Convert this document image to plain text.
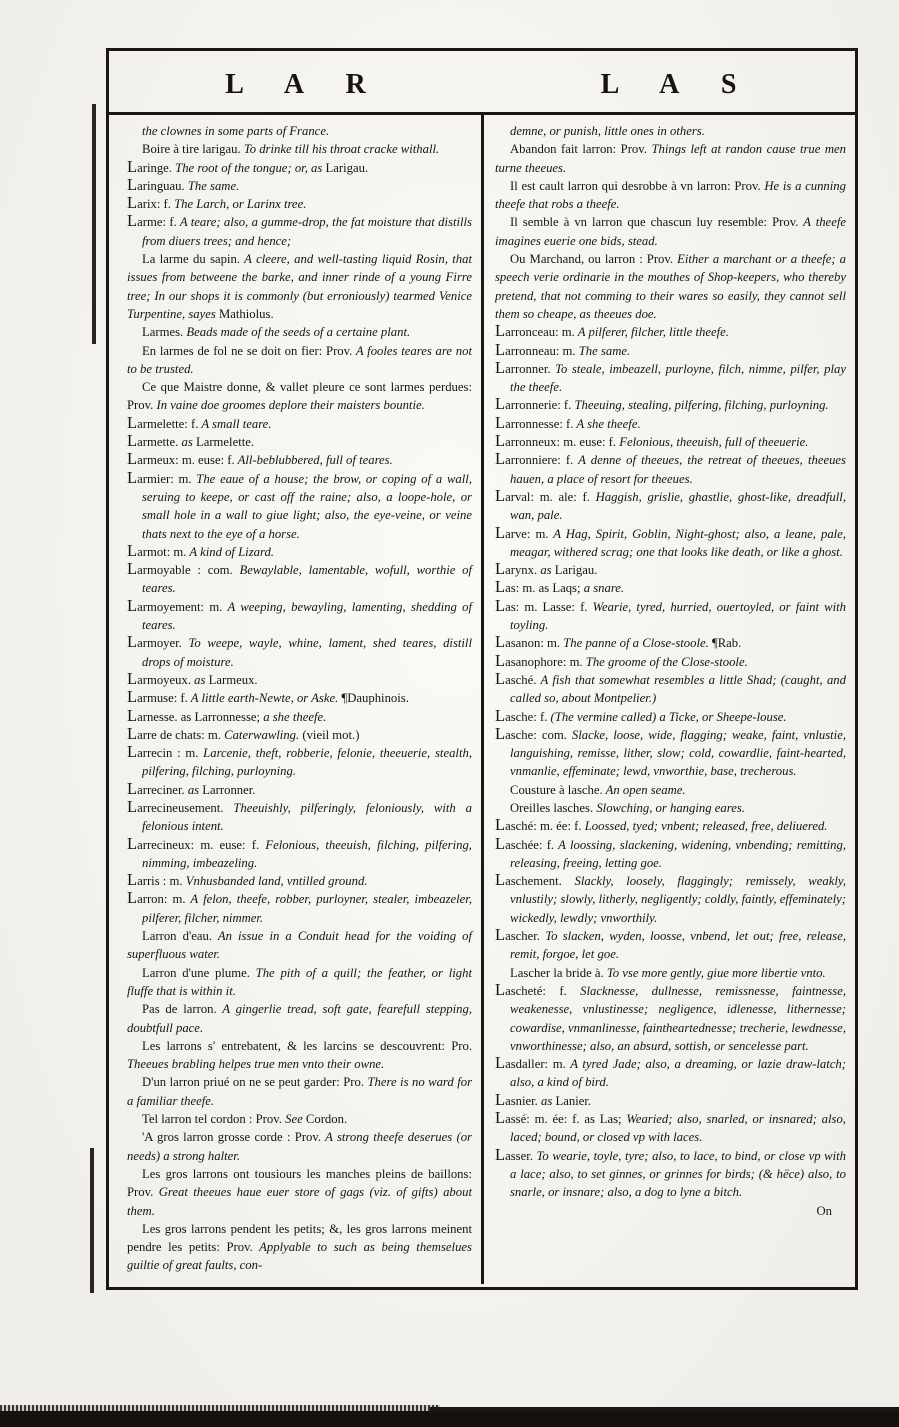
L A R	L A S

the clownes in some parts of France.

Boire à tire larigau. To drinke till his throat cracke withall.

Laringe. The root of the tongue; or, as Larigau.

Laringuau. The same.

Larix: f. The Larch, or Larinx tree.

Larme: f. A teare; also, a gumme-drop, the fat moisture that distills from diuers trees; and hence;

La larme du sapin. A cleere, and well-tasting liquid Rosin, that issues from betweene the barke, and inner rinde of a young Firre tree; In our shops it is commonly (but erroniously) tearmed Venice Turpentine, sayes Mathiolus.

Larmes. Beads made of the seeds of a certaine plant.

En larmes de fol ne se doit on fier: Prov. A fooles teares are not to be trusted.

Ce que Maistre donne, & vallet pleure ce sont larmes perdues: Prov. In vaine doe groomes deplore their maisters bountie.

Larmelette: f. A small teare.

Larmette. as Larmelette.

Larmeux: m. euse: f. All-beblubbered, full of teares.

Larmier: m. The eaue of a house; the brow, or coping of a wall, seruing to keepe, or cast off the raine; also, a loope-hole, or small hole in a wall to giue light; also, the eye-veine, or veine thats next to the eye of a horse.

Larmot: m. A kind of Lizard.

Larmoyable : com. Bewaylable, lamentable, wofull, worthie of teares.

Larmoyement: m. A weeping, bewayling, lamenting, shedding of teares.

Larmoyer. To weepe, wayle, whine, lament, shed teares, distill drops of moisture.

Larmoyeux. as Larmeux.

Larmuse: f. A little earth-Newte, or Aske. ¶Dauphinois.

Larnesse. as Larronnesse; a she theefe.

Larre de chats: m. Caterwawling. (vieil mot.)

Larrecin : m. Larcenie, theft, robberie, felonie, theeuerie, stealth, pilfering, filching, purloyning.

Larreciner. as Larronner.

Larrecineusement. Theeuishly, pilferingly, feloniously, with a felonious intent.

Larrecineux: m. euse: f. Felonious, theeuish, filching, pilfering, nimming, imbeazeling.

Larris : m. Vnhusbanded land, vntilled ground.

Larron: m. A felon, theefe, robber, purloyner, stealer, imbeazeler, pilferer, filcher, nimmer.

Larron d'eau. An issue in a Conduit head for the voiding of superfluous water.

Larron d'une plume. The pith of a quill; the feather, or light fluffe that is within it.

Pas de larron. A gingerlie tread, soft gate, fearefull stepping, doubtfull pace.

Les larrons s' entrebatent, & les larcins se descouvrent: Pro. Theeues brabling helpes true men vnto their owne.

D'un larron priué on ne se peut garder: Pro. There is no ward for a familiar theefe.

Tel larron tel cordon : Prov. See Cordon.

'A gros larron grosse corde : Prov. A strong theefe deserues (or needs) a strong halter.

Les gros larrons ont tousiours les manches pleins de baillons: Prov. Great theeues haue euer store of gags (viz. of gifts) about them.

Les gros larrons pendent les petits; &, les gros larrons meinent pendre les petits: Prov. Applyable to such as being themselues guiltie of great faults, con-

demne, or punish, little ones in others.

Abandon fait larron: Prov. Things left at randon cause true men turne theeues.

Il est cault larron qui desrobbe à vn larron: Prov. He is a cunning theefe that robs a theefe.

Il semble à vn larron que chascun luy resemble: Prov. A theefe imagines euerie one bids, stead.

Ou Marchand, ou larron : Prov. Either a marchant or a theefe; a speech verie ordinarie in the mouthes of Shop-keepers, who thereby pretend, that not comming to their wares so easily, they cannot sell them so cheape, as theeues doe.

Larronceau: m. A pilferer, filcher, little theefe.

Larronneau: m. The same.

Larronner. To steale, imbeazell, purloyne, filch, nimme, pilfer, play the theefe.

Larronnerie: f. Theeuing, stealing, pilfering, filching, purloyning.

Larronnesse: f. A she theefe.

Larronneux: m. euse: f. Felonious, theeuish, full of theeuerie.

Larronniere: f. A denne of theeues, the retreat of theeues, theeues hauen, a place of resort for theeues.

Larval: m. ale: f. Haggish, grislie, ghastlie, ghost-like, dreadfull, wan, pale.

Larve: m. A Hag, Spirit, Goblin, Night-ghost; also, a leane, pale, meagar, withered scrag; one that looks like death, or like a ghost.

Larynx. as Larigau.

Las: m. as Laqs; a snare.

Las: m. Lasse: f. Wearie, tyred, hurried, ouertoyled, or faint with toyling.

Lasanon: m. The panne of a Close-stoole. ¶Rab.

Lasanophore: m. The groome of the Close-stoole.

Lasché. A fish that somewhat resembles a little Shad; (caught, and called so, about Montpelier.)

Lasche: f. (The vermine called) a Ticke, or Sheepe-louse.

Lasche: com. Slacke, loose, wide, flagging; weake, faint, vnlustie, languishing, remisse, lither, slow; cold, cowardlie, faint-hearted, vnmanlie, effeminate; lewd, vnworthie, base, trecherous.

Cousture à lasche. An open seame.

Oreilles lasches. Slowching, or hanging eares.

Lasché: m. ée: f. Loossed, tyed; vnbent; released, free, deliuered.

Laschée: f. A loossing, slackening, widening, vnbending; remitting, releasing, freeing, letting goe.

Laschement. Slackly, loosely, flaggingly; remissely, weakly, vnlustily; slowly, litherly, negligently; coldly, faintly, effeminately; wickedly, lewdly; vnworthily.

Lascher. To slacken, wyden, loosse, vnbend, let out; free, release, remit, forgoe, let goe.

Lascher la bride à. To vse more gently, giue more libertie vnto.

Lascheté: f. Slacknesse, dullnesse, remissnesse, faintnesse, weakenesse, vnlustinesse; negligence, idlenesse, lithernesse; cowardise, vnmanlinesse, faintheartednesse; trecherie, lewdnesse, vnworthinesse; also, an absurd, sottish, or sencelesse part.

Lasdaller: m. A tyred Jade; also, a dreaming, or lazie draw-latch; also, a kind of bird.

Lasnier. as Lanier.

Lassé: m. ée: f. as Las; Wearied; also, snarled, or insnared; also, laced; bound, or closed vp with laces.

Lasser. To wearie, toyle, tyre; also, to lace, to bind, or close vp with a lace; also, to set ginnes, or grinnes for birds; (& hëce) also, to snarle, or insnare; also, a dog to lyne a bitch.

On
